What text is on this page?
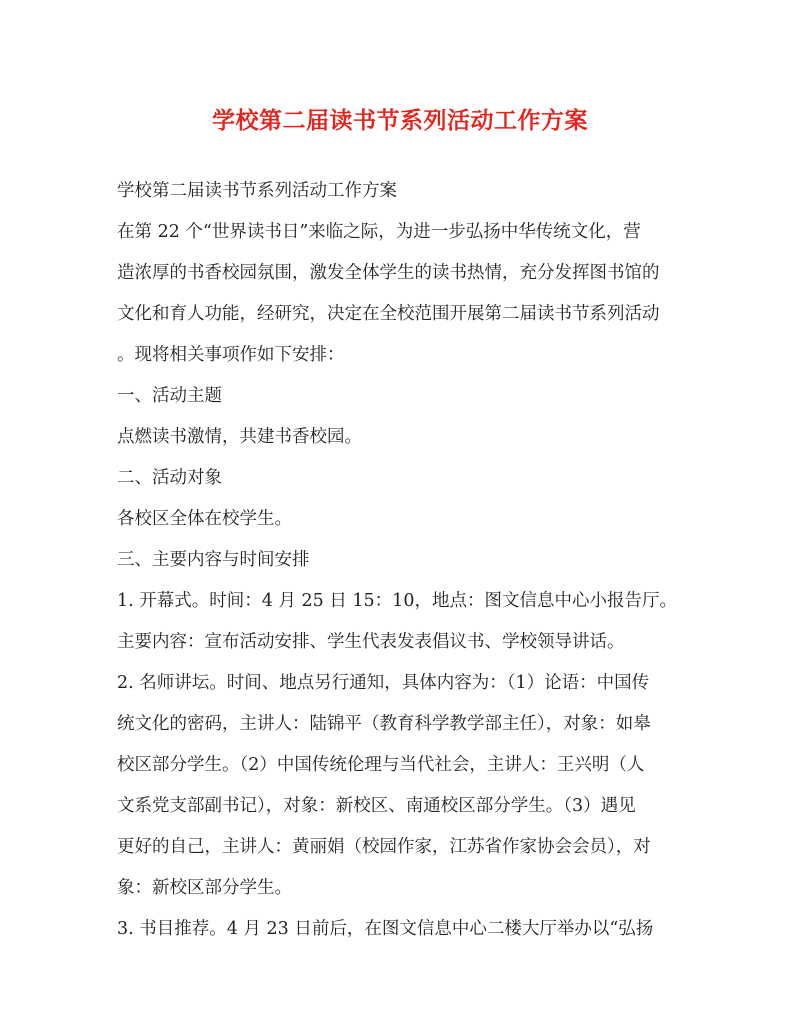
学校第二届读书节系列活动工作方案
学校第二届读书节系列活动工作方案
在第 22 个“世界读书日”来临之际，为进一步弘扬中华传统文化，营
造浓厚的书香校园氛围，激发全体学生的读书热情，充分发挥图书馆的
文化和育人功能，经研究，决定在全校范围开展第二届读书节系列活动
。现将相关事项作如下安排：
一、活动主题
点燃读书激情，共建书香校园。
二、活动对象
各校区全体在校学生。
三、主要内容与时间安排
1. 开幕式。时间：4 月 25 日 15：10，地点：图文信息中心小报告厅。
主要内容：宣布活动安排、学生代表发表倡议书、学校领导讲话。
2. 名师讲坛。时间、地点另行通知，具体内容为：（1）论语：中国传
统文化的密码，主讲人：陆锦平（教育科学教学部主任），对象：如皋
校区部分学生。（2）中国传统伦理与当代社会，主讲人：王兴明（人
文系党支部副书记），对象：新校区、南通校区部分学生。（3）遇见
更好的自己，主讲人：黄丽娟（校园作家，江苏省作家协会会员），对
象：新校区部分学生。
3. 书目推荐。4 月 23 日前后，在图文信息中心二楼大厅举办以“弘扬
